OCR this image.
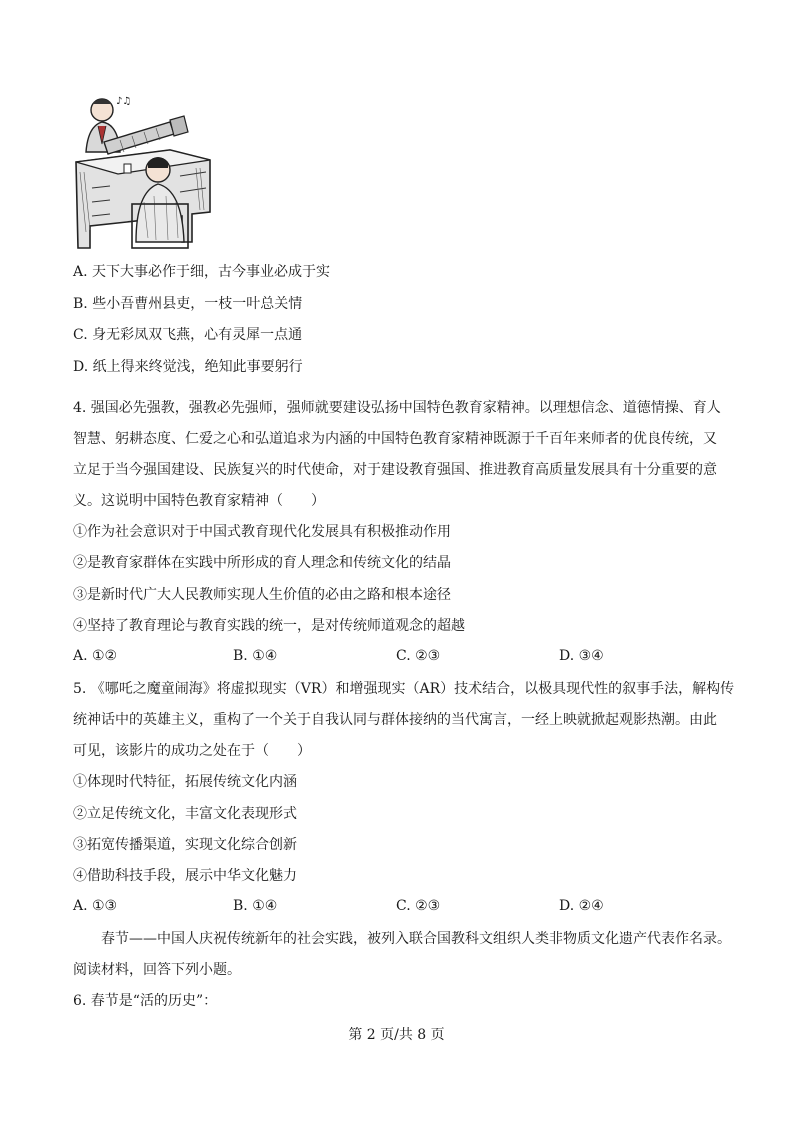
♪♫
A. 天下大事必作于细，古今事业必成于实
B. 些小吾曹州县吏，一枝一叶总关情
C. 身无彩凤双飞燕，心有灵犀一点通
D. 纸上得来终觉浅，绝知此事要躬行
4. 强国必先强教，强教必先强师，强师就要建设弘扬中国特色教育家精神。以理想信念、道德情操、育人
智慧、躬耕态度、仁爱之心和弘道追求为内涵的中国特色教育家精神既源于千百年来师者的优良传统，又
立足于当今强国建设、民族复兴的时代使命，对于建设教育强国、推进教育高质量发展具有十分重要的意
义。这说明中国特色教育家精神（　　）
①作为社会意识对于中国式教育现代化发展具有积极推动作用
②是教育家群体在实践中所形成的育人理念和传统文化的结晶
③是新时代广大人民教师实现人生价值的必由之路和根本途径
④坚持了教育理论与教育实践的统一，是对传统师道观念的超越
A. ①②	B. ①④	C. ②③	D. ③④
5. 《哪吒之魔童闹海》将虚拟现实（VR）和增强现实（AR）技术结合，以极具现代性的叙事手法，解构传
统神话中的英雄主义，重构了一个关于自我认同与群体接纳的当代寓言，一经上映就掀起观影热潮。由此
可见，该影片的成功之处在于（　　）
①体现时代特征，拓展传统文化内涵
②立足传统文化，丰富文化表现形式
③拓宽传播渠道，实现文化综合创新
④借助科技手段，展示中华文化魅力
A. ①③	B. ①④	C. ②③	D. ②④
　　春节——中国人庆祝传统新年的社会实践，被列入联合国教科文组织人类非物质文化遗产代表作名录。
阅读材料，回答下列小题。
6. 春节是“活的历史”：
第 2 页/共 8 页
